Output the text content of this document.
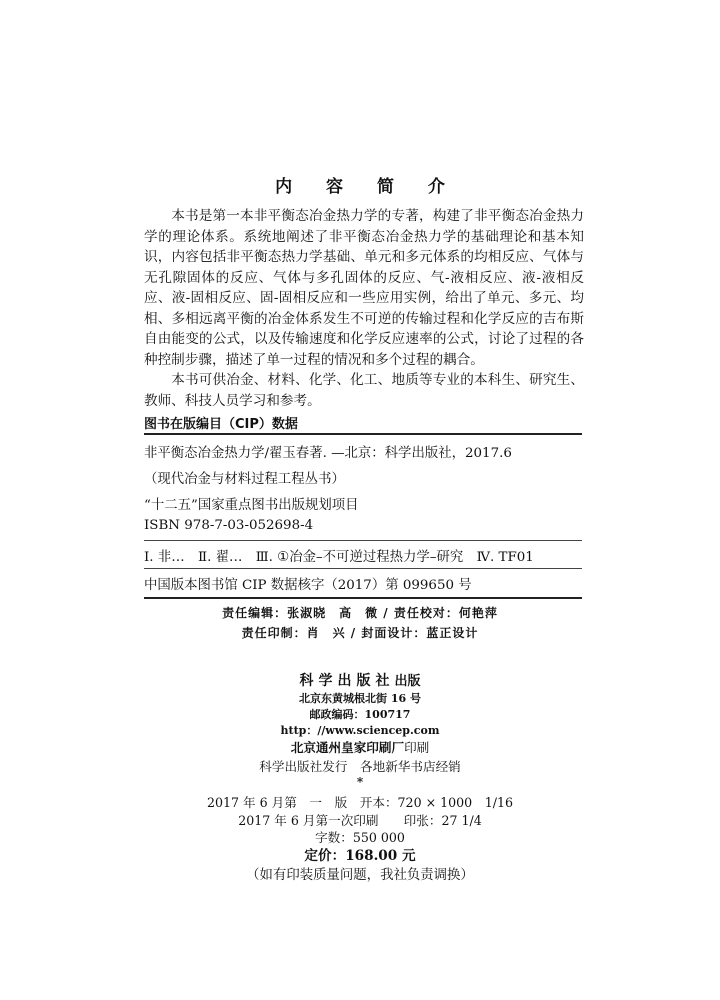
内 容 简 介

本书是第一本非平衡态冶金热力学的专著，构建了非平衡态冶金热力学的理论体系。系统地阐述了非平衡态冶金热力学的基础理论和基本知识，内容包括非平衡态热力学基础、单元和多元体系的均相反应、气体与无孔隙固体的反应、气体与多孔固体的反应、气-液相反应、液-液相反应、液-固相反应、固-固相反应和一些应用实例，给出了单元、多元、均相、多相远离平衡的冶金体系发生不可逆的传输过程和化学反应的吉布斯自由能变的公式，以及传输速度和化学反应速率的公式，讨论了过程的各种控制步骤，描述了单一过程的情况和多个过程的耦合。

本书可供冶金、材料、化学、化工、地质等专业的本科生、研究生、教师、科技人员学习和参考。

图书在版编目（CIP）数据
非平衡态冶金热力学/翟玉春著. —北京：科学出版社，2017.6
（现代冶金与材料过程工程丛书）
“十二五”国家重点图书出版规划项目
ISBN 978-7-03-052698-4
Ⅰ. 非…　Ⅱ. 翟…　Ⅲ. ①冶金–不可逆过程热力学–研究　Ⅳ. TF01
中国版本图书馆 CIP 数据核字（2017）第 099650 号
责任编辑：张淑晓　高　微 / 责任校对：何艳萍
责任印制：肖　兴 / 封面设计：蓝正设计
科学出版社出版
北京东黄城根北街 16 号
邮政编码：100717
http：//www.sciencep.com
北京通州皇家印刷厂印刷
科学出版社发行　各地新华书店经销
*
2017 年 6 月第　一　版　开本：720 × 1000　1/16
2017 年 6 月第一次印刷　　印张：27 1/4
字数：550 000
定价：168.00 元
（如有印装质量问题，我社负责调换）
